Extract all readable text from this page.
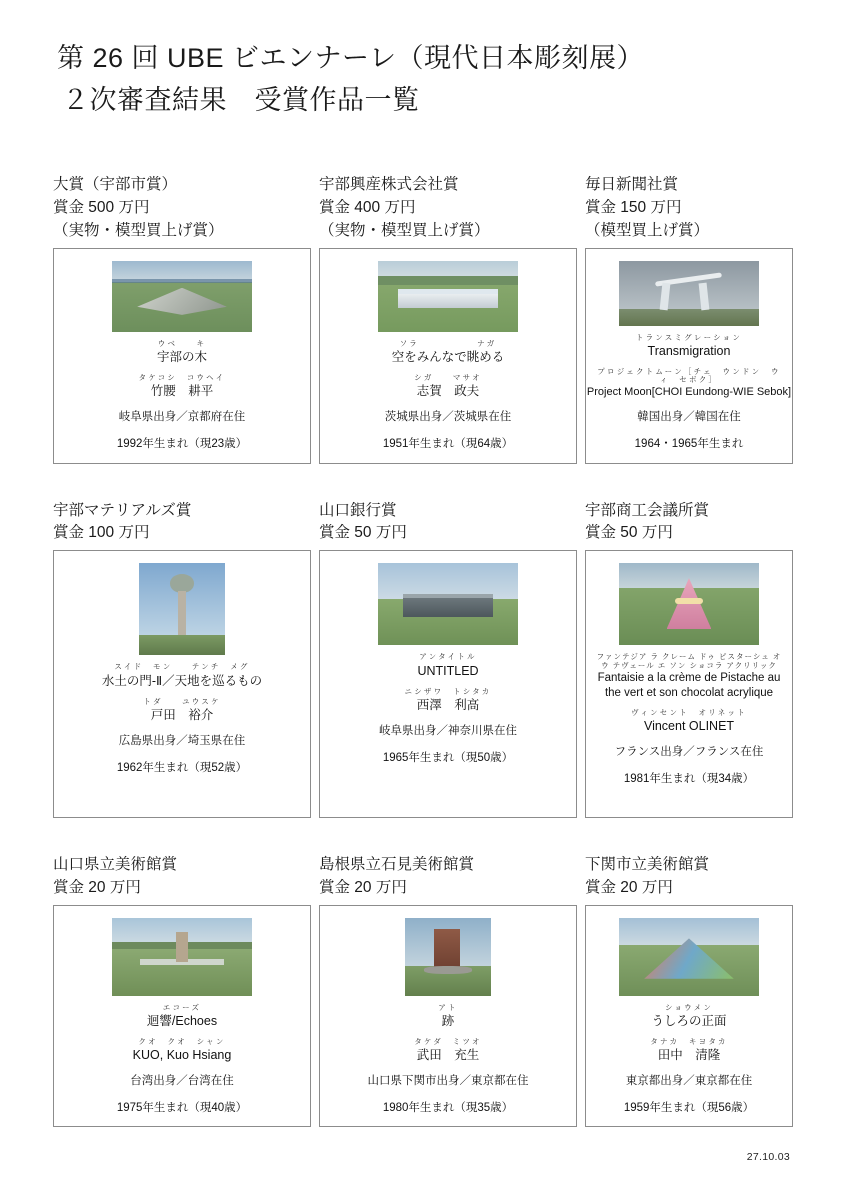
第 26 回 UBE ビエンナーレ（現代日本彫刻展）
２次審査結果　受賞作品一覧
大賞（宇部市賞）
賞金 500 万円
（実物・模型買上げ賞）
ウベ　　キ
宇部の木
タケコシ　コウヘイ
竹腰　耕平
岐阜県出身／京都府在住
1992年生まれ（現23歳）
宇部興産株式会社賞
賞金 400 万円
（実物・模型買上げ賞）
ソラ　　　　　　ナガ
空をみんなで眺める
シガ　　マサオ
志賀　政夫
茨城県出身／茨城県在住
1951年生まれ（現64歳）
毎日新聞社賞
賞金 150 万円
（模型買上げ賞）
トランスミグレーション
Transmigration
プロジェクトムーン［チェ　ウンドン　ウィ　セボク］
Project Moon[CHOI Eundong-WIE Sebok]
韓国出身／韓国在住
1964・1965年生まれ
宇部マテリアルズ賞
賞金 100 万円
スイド　モン　　テンチ　メグ
水土の門-Ⅱ／天地を巡るもの
トダ　　ユウスケ
戸田　裕介
広島県出身／埼玉県在住
1962年生まれ（現52歳）
山口銀行賞
賞金 50 万円
アンタイトル
UNTITLED
ニシザワ　トシタカ
西澤　利高
岐阜県出身／神奈川県在住
1965年生まれ（現50歳）
宇部商工会議所賞
賞金 50 万円
ファンテジア ラ クレーム ドゥ ピスターシュ オウ テヴェール エ ソン ショコラ アクリリック
Fantaisie a la crème de Pistache au the vert et son chocolat acrylique
ヴィンセント　オリネット
Vincent OLINET
フランス出身／フランス在住
1981年生まれ（現34歳）
山口県立美術館賞
賞金 20 万円
エコーズ
迴響/Echoes
クオ　クオ　シャン
KUO, Kuo Hsiang
台湾出身／台湾在住
1975年生まれ（現40歳）
島根県立石見美術館賞
賞金 20 万円
アト
跡
タケダ　ミツオ
武田　充生
山口県下関市出身／東京都在住
1980年生まれ（現35歳）
下関市立美術館賞
賞金 20 万円
ショウメン
うしろの正面
タナカ　キヨタカ
田中　清隆
東京都出身／東京都在住
1959年生まれ（現56歳）
27.10.03
